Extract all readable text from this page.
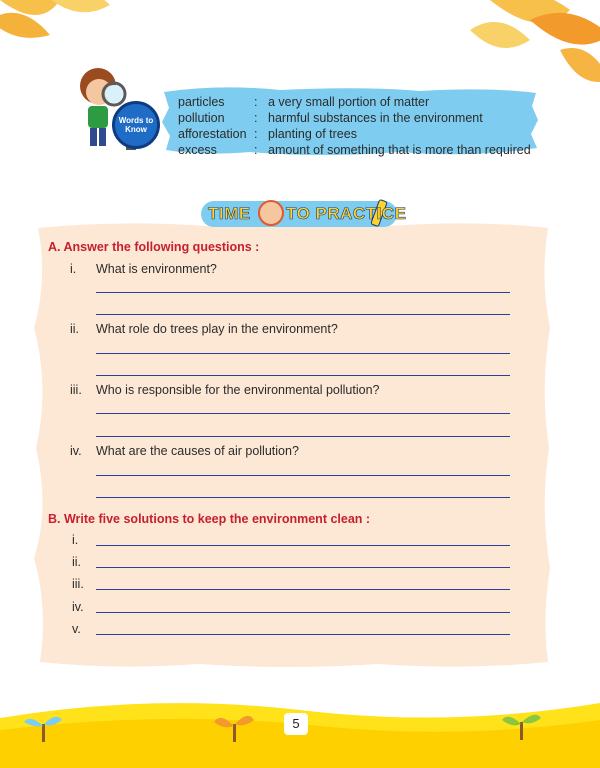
Words to Know
particles	: a very small portion of matter
pollution	: harmful substances in the environment
afforestation : planting of trees
excess	: amount of something that is more than required
TIME TO PRACTICE
A. Answer the following questions :
i. What is environment?
ii. What role do trees play in the environment?
iii. Who is responsible for the environmental pollution?
iv. What are the causes of air pollution?
B. Write five solutions to keep the environment clean :
i.
ii.
iii.
iv.
v.
5
